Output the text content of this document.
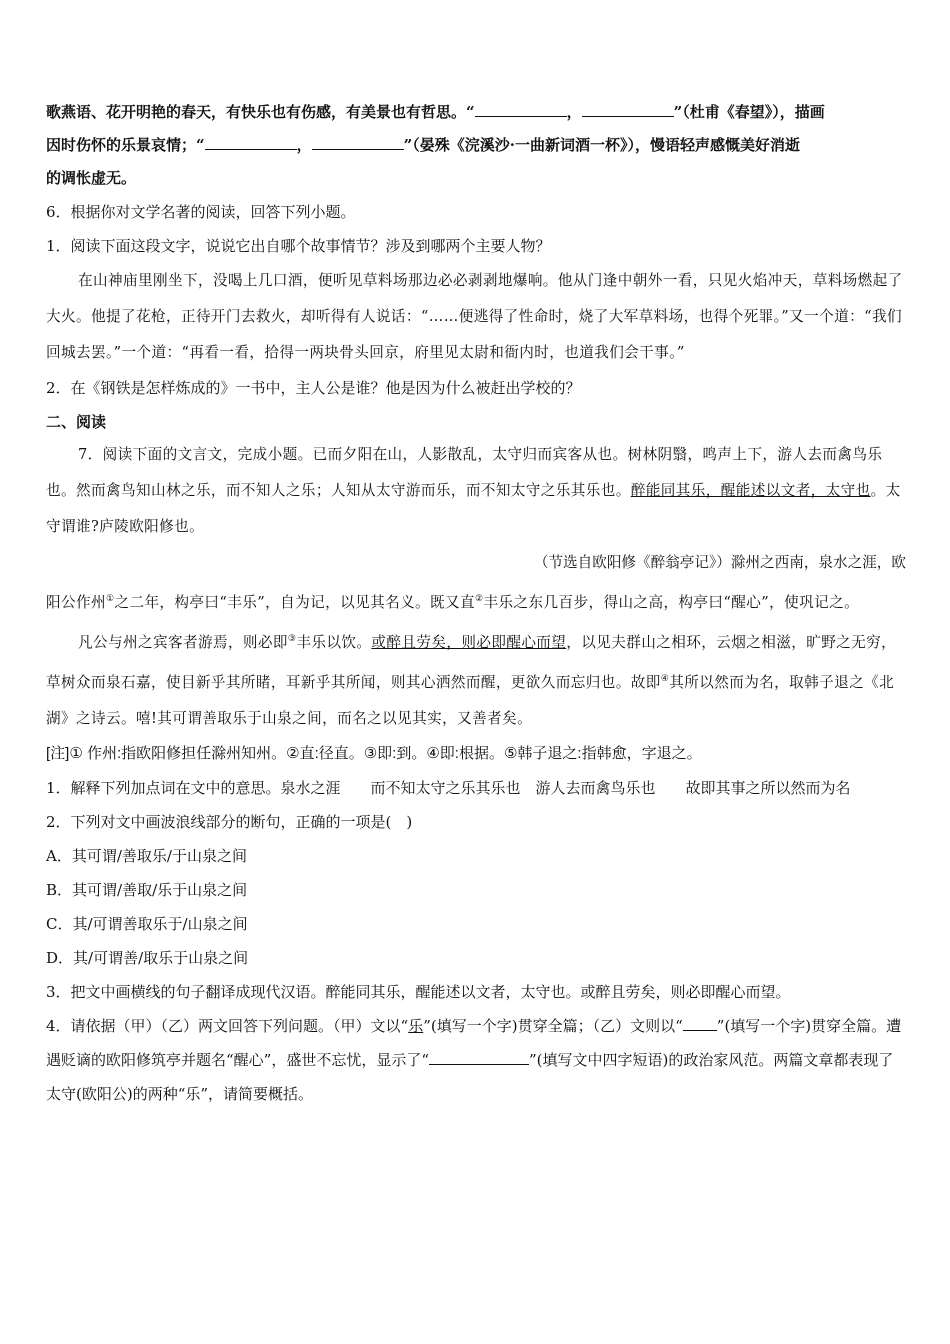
歌燕语、花开明艳的春天，有快乐也有伤感，有美景也有哲思。“	，	”（杜甫《春望》），描画
因时伤怀的乐景哀情；“	，	”（晏殊《浣溪沙·一曲新词酒一杯》），慢语轻声感慨美好消逝
的调怅虚无。

6．根据你对文学名著的阅读，回答下列小题。

1．阅读下面这段文字，说说它出自哪个故事情节？涉及到哪两个主要人物？

在山神庙里刚坐下，没喝上几口酒，便听见草料场那边必必剥剥地爆响。他从门逢中朝外一看，只见火焰冲天，草料场燃起了大火。他提了花枪，正待开门去救火，却听得有人说话：“……便逃得了性命时，烧了大军草料场，也得个死罪。”又一个道：“我们回城去罢。”一个道：“再看一看，拾得一两块骨头回京，府里见太尉和衙内时，也道我们会干事。”

2．在《钢铁是怎样炼成的》一书中，主人公是谁？他是因为什么被赶出学校的？

二、阅读

7．阅读下面的文言文，完成小题。已而夕阳在山，人影散乱，太守归而宾客从也。树林阴翳，鸣声上下，游人去而禽鸟乐也。然而禽鸟知山林之乐，而不知人之乐；人知从太守游而乐，而不知太守之乐其乐也。醉能同其乐，醒能述以文者，太守也。太守谓谁?庐陵欧阳修也。

（节选自欧阳修《醉翁亭记》）滁州之西南，泉水之涯，欧

阳公作州①之二年，构亭曰“丰乐”，自为记，以见其名义。既又直②丰乐之东几百步，得山之高，构亭曰“醒心”，使巩记之。

凡公与州之宾客者游焉，则必即③丰乐以饮。或醉且劳矣，则必即醒心而望，以见夫群山之相环，云烟之相滋，旷野之无穷，草树众而泉石嘉，使目新乎其所睹，耳新乎其所闻，则其心洒然而醒，更欲久而忘归也。故即④其所以然而为名，取韩子退之《北湖》之诗云。嘻!其可谓善取乐于山泉之间，而名之以见其实，又善者矣。

[注]① 作州:指欧阳修担任滁州知州。②直:径直。③即:到。④即:根据。⑤韩子退之:指韩愈，字退之。

1．解释下列加点词在文中的意思。泉水之涯　　而不知太守之乐其乐也　游人去而禽鸟乐也　　故即其事之所以然而为名

2．下列对文中画波浪线部分的断句，正确的一项是(　)

A．其可谓/善取乐/于山泉之间
B．其可谓/善取/乐于山泉之间
C．其/可谓善取乐于/山泉之间
D．其/可谓善/取乐于山泉之间

3．把文中画横线的句子翻译成现代汉语。醉能同其乐，醒能述以文者，太守也。或醉且劳矣，则必即醒心而望。

4．请依据（甲）（乙）两文回答下列问题。（甲）文以“乐”(填写一个字)贯穿全篇；（乙）文则以“ ”(填写一个字)贯穿全篇。遭遇贬谪的欧阳修筑亭并题名“醒心”，盛世不忘忧，显示了“	”(填写文中四字短语)的政治家风范。两篇文章都表现了太守(欧阳公)的两种“乐”，请简要概括。
